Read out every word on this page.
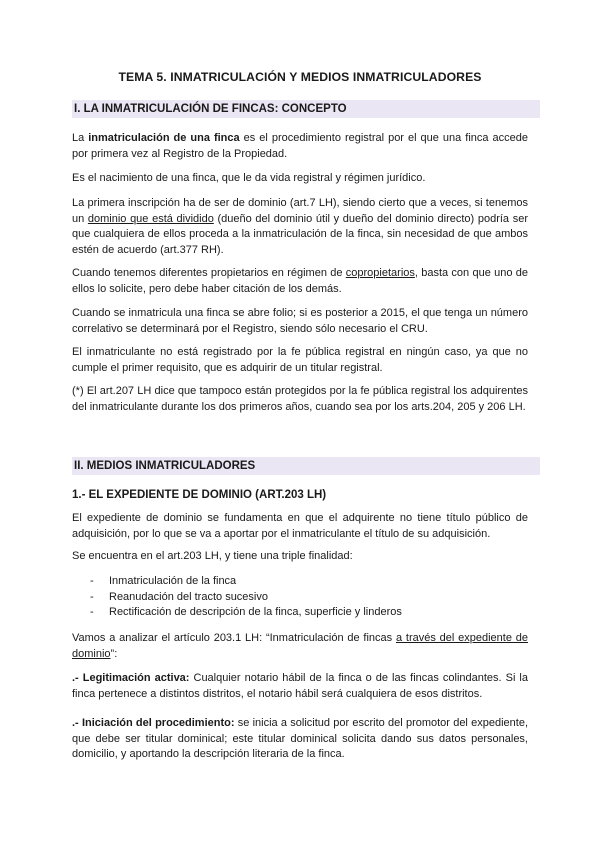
TEMA 5. INMATRICULACIÓN Y MEDIOS INMATRICULADORES
I. LA INMATRICULACIÓN DE FINCAS: CONCEPTO

La inmatriculación de una finca es el procedimiento registral por el que una finca accede por primera vez al Registro de la Propiedad.

Es el nacimiento de una finca, que le da vida registral y régimen jurídico.

La primera inscripción ha de ser de dominio (art.7 LH), siendo cierto que a veces, si tenemos un dominio que está dividido (dueño del dominio útil y dueño del dominio directo) podría ser que cualquiera de ellos proceda a la inmatriculación de la finca, sin necesidad de que ambos estén de acuerdo (art.377 RH).

Cuando tenemos diferentes propietarios en régimen de copropietarios, basta con que uno de ellos lo solicite, pero debe haber citación de los demás.

Cuando se inmatricula una finca se abre folio; si es posterior a 2015, el que tenga un número correlativo se determinará por el Registro, siendo sólo necesario el CRU.

El inmatriculante no está registrado por la fe pública registral en ningún caso, ya que no cumple el primer requisito, que es adquirir de un titular registral.

(*) El art.207 LH dice que tampoco están protegidos por la fe pública registral los adquirentes del inmatriculante durante los dos primeros años, cuando sea por los arts.204, 205 y 206 LH.

II. MEDIOS INMATRICULADORES
1.- EL EXPEDIENTE DE DOMINIO (ART.203 LH)

El expediente de dominio se fundamenta en que el adquirente no tiene título público de adquisición, por lo que se va a aportar por el inmatriculante el título de su adquisición.

Se encuentra en el art.203 LH, y tiene una triple finalidad:

- Inmatriculación de la finca
- Reanudación del tracto sucesivo
- Rectificación de descripción de la finca, superficie y linderos

Vamos a analizar el artículo 203.1 LH: “Inmatriculación de fincas a través del expediente de dominio”:

.- Legitimación activa: Cualquier notario hábil de la finca o de las fincas colindantes. Si la finca pertenece a distintos distritos, el notario hábil será cualquiera de esos distritos.

.- Iniciación del procedimiento: se inicia a solicitud por escrito del promotor del expediente, que debe ser titular dominical; este titular dominical solicita dando sus datos personales, domicilio, y aportando la descripción literaria de la finca.
